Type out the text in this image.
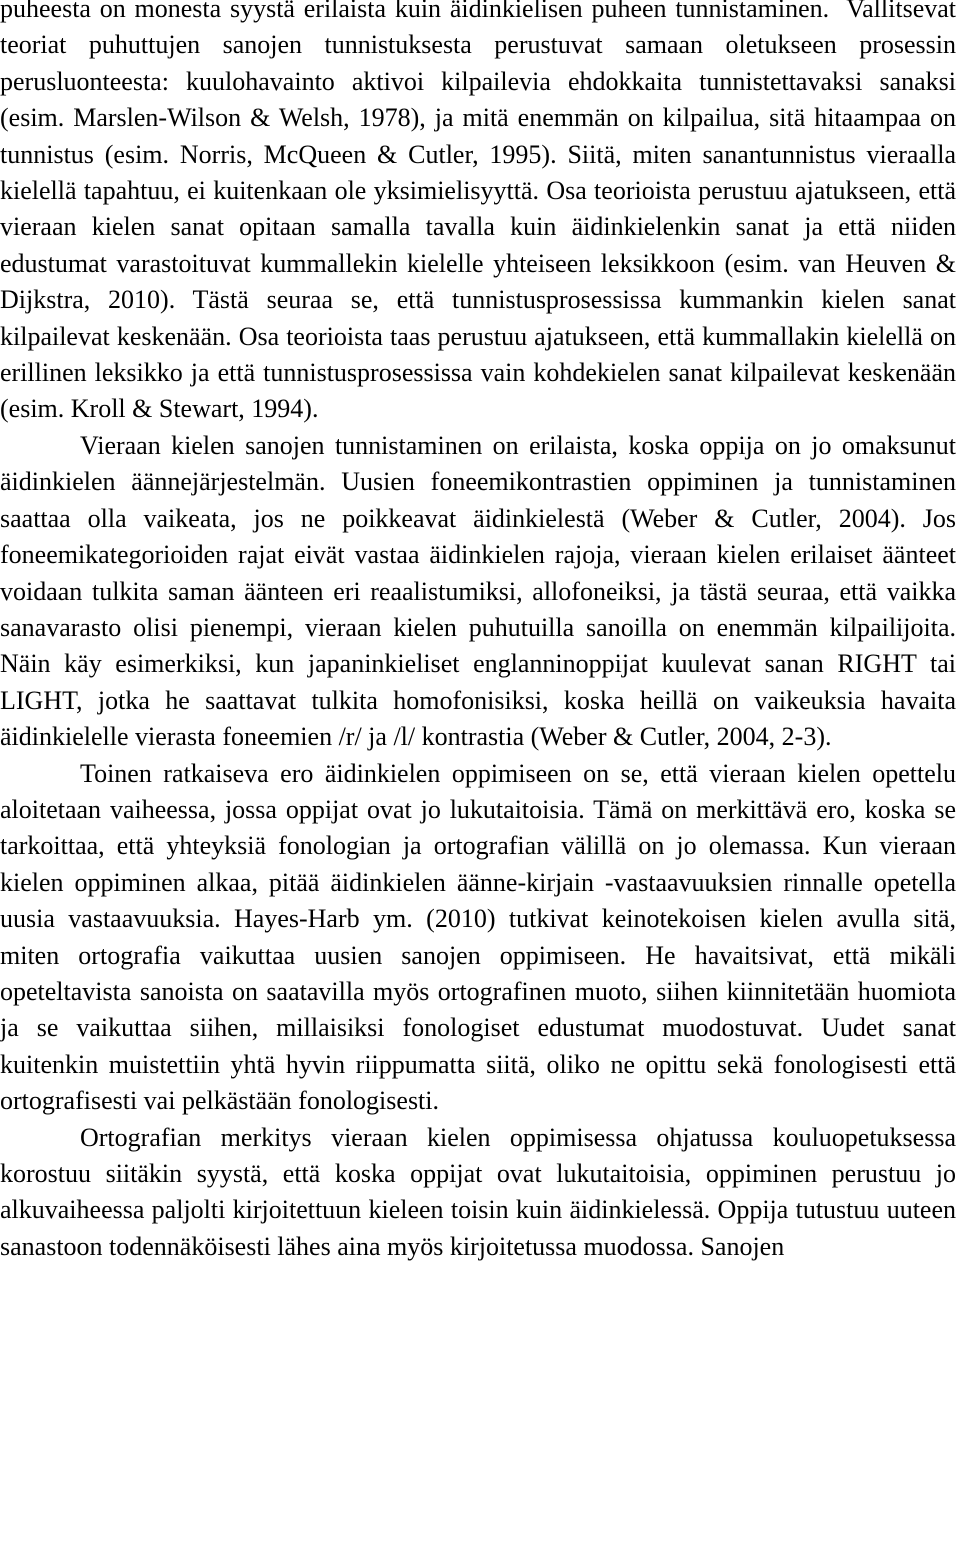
puheesta on monesta syystä erilaista kuin äidinkielisen puheen tunnistaminen.  Vallitsevat teoriat puhuttujen sanojen tunnistuksesta perustuvat samaan oletukseen prosessin perusluonteesta: kuulohavainto aktivoi kilpailevia ehdokkaita tunnistettavaksi sanaksi (esim. Marslen-Wilson & Welsh, 1978), ja mitä enemmän on kilpailua, sitä hitaampaa on tunnistus (esim. Norris, McQueen & Cutler, 1995). Siitä, miten sanantunnistus vieraalla kielellä tapahtuu, ei kuitenkaan ole yksimielisyyttä. Osa teorioista perustuu ajatukseen, että vieraan kielen sanat opitaan samalla tavalla kuin äidinkielenkin sanat ja että niiden edustumat varastoituvat kummallekin kielelle yhteiseen leksikkoon (esim. van Heuven & Dijkstra, 2010). Tästä seuraa se, että tunnistusprosessissa kummankin kielen sanat kilpailevat keskenään. Osa teorioista taas perustuu ajatukseen, että kummallakin kielellä on erillinen leksikko ja että tunnistusprosessissa vain kohdekielen sanat kilpailevat keskenään (esim. Kroll & Stewart, 1994).

Vieraan kielen sanojen tunnistaminen on erilaista, koska oppija on jo omaksunut äidinkielen äännejärjestelmän. Uusien foneemikontrastien oppiminen ja tunnistaminen saattaa olla vaikeata, jos ne poikkeavat äidinkielestä (Weber & Cutler, 2004). Jos foneemikategorioiden rajat eivät vastaa äidinkielen rajoja, vieraan kielen erilaiset äänteet voidaan tulkita saman äänteen eri reaalistumiksi, allofoneiksi, ja tästä seuraa, että vaikka sanavarasto olisi pienempi, vieraan kielen puhutuilla sanoilla on enemmän kilpailijoita. Näin käy esimerkiksi, kun japaninkieliset englanninoppijat kuulevat sanan RIGHT tai LIGHT, jotka he saattavat tulkita homofonisiksi, koska heillä on vaikeuksia havaita äidinkielelle vierasta foneemien /r/ ja /l/ kontrastia (Weber & Cutler, 2004, 2-3).

Toinen ratkaiseva ero äidinkielen oppimiseen on se, että vieraan kielen opettelu aloitetaan vaiheessa, jossa oppijat ovat jo lukutaitoisia. Tämä on merkittävä ero, koska se tarkoittaa, että yhteyksiä fonologian ja ortografian välillä on jo olemassa. Kun vieraan kielen oppiminen alkaa, pitää äidinkielen äänne-kirjain -vastaavuuksien rinnalle opetella uusia vastaavuuksia. Hayes-Harb ym. (2010) tutkivat keinotekoisen kielen avulla sitä, miten ortografia vaikuttaa uusien sanojen oppimiseen. He havaitsivat, että mikäli opeteltavista sanoista on saatavilla myös ortografinen muoto, siihen kiinnitetään huomiota ja se vaikuttaa siihen, millaisiksi fonologiset edustumat muodostuvat. Uudet sanat kuitenkin muistettiin yhtä hyvin riippumatta siitä, oliko ne opittu sekä fonologisesti että ortografisesti vai pelkästään fonologisesti.

Ortografian merkitys vieraan kielen oppimisessa ohjatussa kouluopetuksessa korostuu siitäkin syystä, että koska oppijat ovat lukutaitoisia, oppiminen perustuu jo alkuvaiheessa paljolti kirjoitettuun kieleen toisin kuin äidinkielessä. Oppija tutustuu uuteen sanastoon todennäköisesti lähes aina myös kirjoitetussa muodossa. Sanojen
